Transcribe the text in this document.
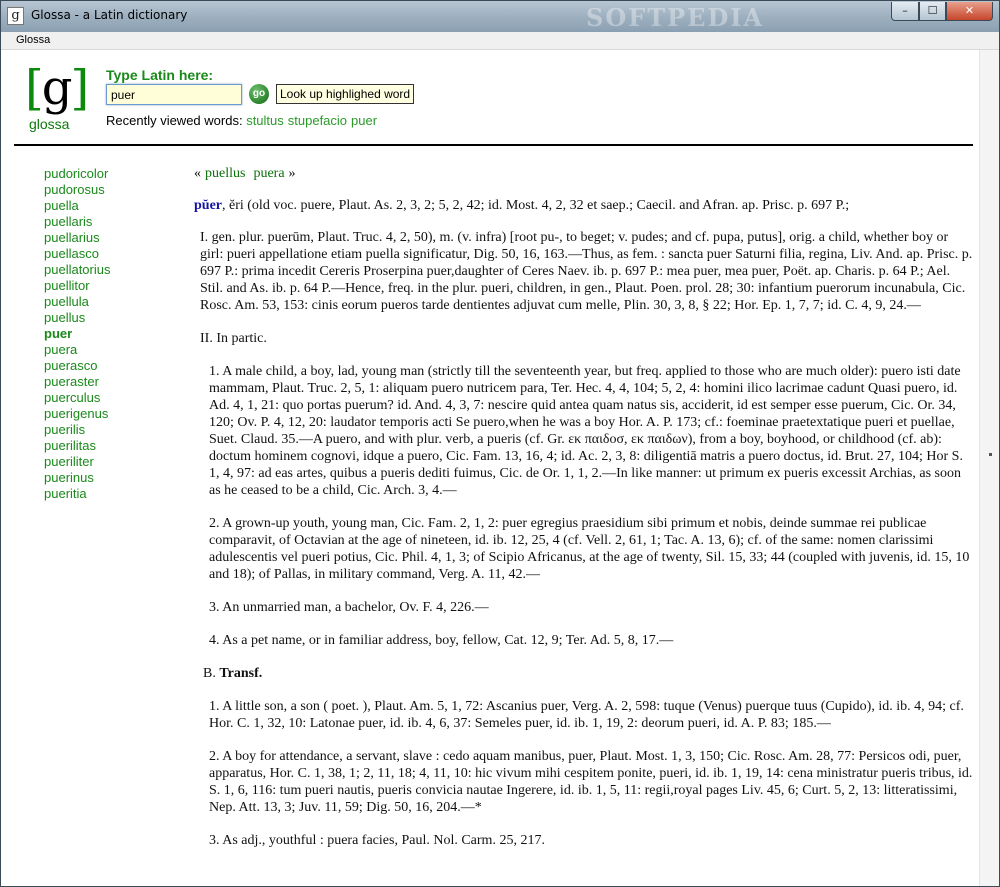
SOFTPEDIA
g Glossa - a Latin dictionary	–	☐	✕
Glossa
[g]
glossa
Type Latin here:
puer
go	Look up highlighed word
Recently viewed words: stultus stupefacio puer
pudoricolor
pudorosus
puella
puellaris
puellarius
puellasco
puellatorius
puellitor
puellula
puellus
puer
puera
puerasco
pueraster
puerculus
puerigenus
puerilis
puerilitas
pueriliter
puerinus
pueritia
« puellus puera »
pŭer, ĕri (old voc. puere, Plaut. As. 2, 3, 2; 5, 2, 42; id. Most. 4, 2, 32 et saep.; Caecil. and Afran. ap. Prisc. p. 697 P.;
I. gen. plur. puerūm, Plaut. Truc. 4, 2, 50), m. (v. infra) [root pu-, to beget; v. pudes; and cf. pupa, putus], orig. a child, whether boy or girl: pueri appellatione etiam puella significatur, Dig. 50, 16, 163.—Thus, as fem. : sancta puer Saturni filia, regina, Liv. And. ap. Prisc. p. 697 P.: prima incedit Cereris Proserpina puer,daughter of Ceres Naev. ib. p. 697 P.: mea puer, mea puer, Poët. ap. Charis. p. 64 P.; Ael. Stil. and As. ib. p. 64 P.—Hence, freq. in the plur. pueri, children, in gen., Plaut. Poen. prol. 28; 30: infantium puerorum incunabula, Cic. Rosc. Am. 53, 153: cinis eorum pueros tarde dentientes adjuvat cum melle, Plin. 30, 3, 8, § 22; Hor. Ep. 1, 7, 7; id. C. 4, 9, 24.—
II. In partic.
1. A male child, a boy, lad, young man (strictly till the seventeenth year, but freq. applied to those who are much older): puero isti date mammam, Plaut. Truc. 2, 5, 1: aliquam puero nutricem para, Ter. Hec. 4, 4, 104; 5, 2, 4: homini ilico lacrimae cadunt Quasi puero, id. Ad. 4, 1, 21: quo portas puerum? id. And. 4, 3, 7: nescire quid antea quam natus sis, acciderit, id est semper esse puerum, Cic. Or. 34, 120; Ov. P. 4, 12, 20: laudator temporis acti Se puero,when he was a boy Hor. A. P. 173; cf.: foeminae praetextatique pueri et puellae, Suet. Claud. 35.—A puero, and with plur. verb, a pueris (cf. Gr. εκ παιδοσ, εκ παιδων), from a boy, boyhood, or childhood (cf. ab): doctum hominem cognovi, idque a puero, Cic. Fam. 13, 16, 4; id. Ac. 2, 3, 8: diligentiā matris a puero doctus, id. Brut. 27, 104; Hor S. 1, 4, 97: ad eas artes, quibus a pueris dediti fuimus, Cic. de Or. 1, 1, 2.—In like manner: ut primum ex pueris excessit Archias, as soon as he ceased to be a child, Cic. Arch. 3, 4.—
2. A grown-up youth, young man, Cic. Fam. 2, 1, 2: puer egregius praesidium sibi primum et nobis, deinde summae rei publicae comparavit, of Octavian at the age of nineteen, id. ib. 12, 25, 4 (cf. Vell. 2, 61, 1; Tac. A. 13, 6); cf. of the same: nomen clarissimi adulescentis vel pueri potius, Cic. Phil. 4, 1, 3; of Scipio Africanus, at the age of twenty, Sil. 15, 33; 44 (coupled with juvenis, id. 15, 10 and 18); of Pallas, in military command, Verg. A. 11, 42.—
3. An unmarried man, a bachelor, Ov. F. 4, 226.—
4. As a pet name, or in familiar address, boy, fellow, Cat. 12, 9; Ter. Ad. 5, 8, 17.—
B. Transf.
1. A little son, a son ( poet. ), Plaut. Am. 5, 1, 72: Ascanius puer, Verg. A. 2, 598: tuque (Venus) puerque tuus (Cupido), id. ib. 4, 94; cf. Hor. C. 1, 32, 10: Latonae puer, id. ib. 4, 6, 37: Semeles puer, id. ib. 1, 19, 2: deorum pueri, id. A. P. 83; 185.—
2. A boy for attendance, a servant, slave : cedo aquam manibus, puer, Plaut. Most. 1, 3, 150; Cic. Rosc. Am. 28, 77: Persicos odi, puer, apparatus, Hor. C. 1, 38, 1; 2, 11, 18; 4, 11, 10: hic vivum mihi cespitem ponite, pueri, id. ib. 1, 19, 14: cena ministratur pueris tribus, id. S. 1, 6, 116: tum pueri nautis, pueris convicia nautae Ingerere, id. ib. 1, 5, 11: regii,royal pages Liv. 45, 6; Curt. 5, 2, 13: litteratissimi, Nep. Att. 13, 3; Juv. 11, 59; Dig. 50, 16, 204.—*
3. As adj., youthful : puera facies, Paul. Nol. Carm. 25, 217.
